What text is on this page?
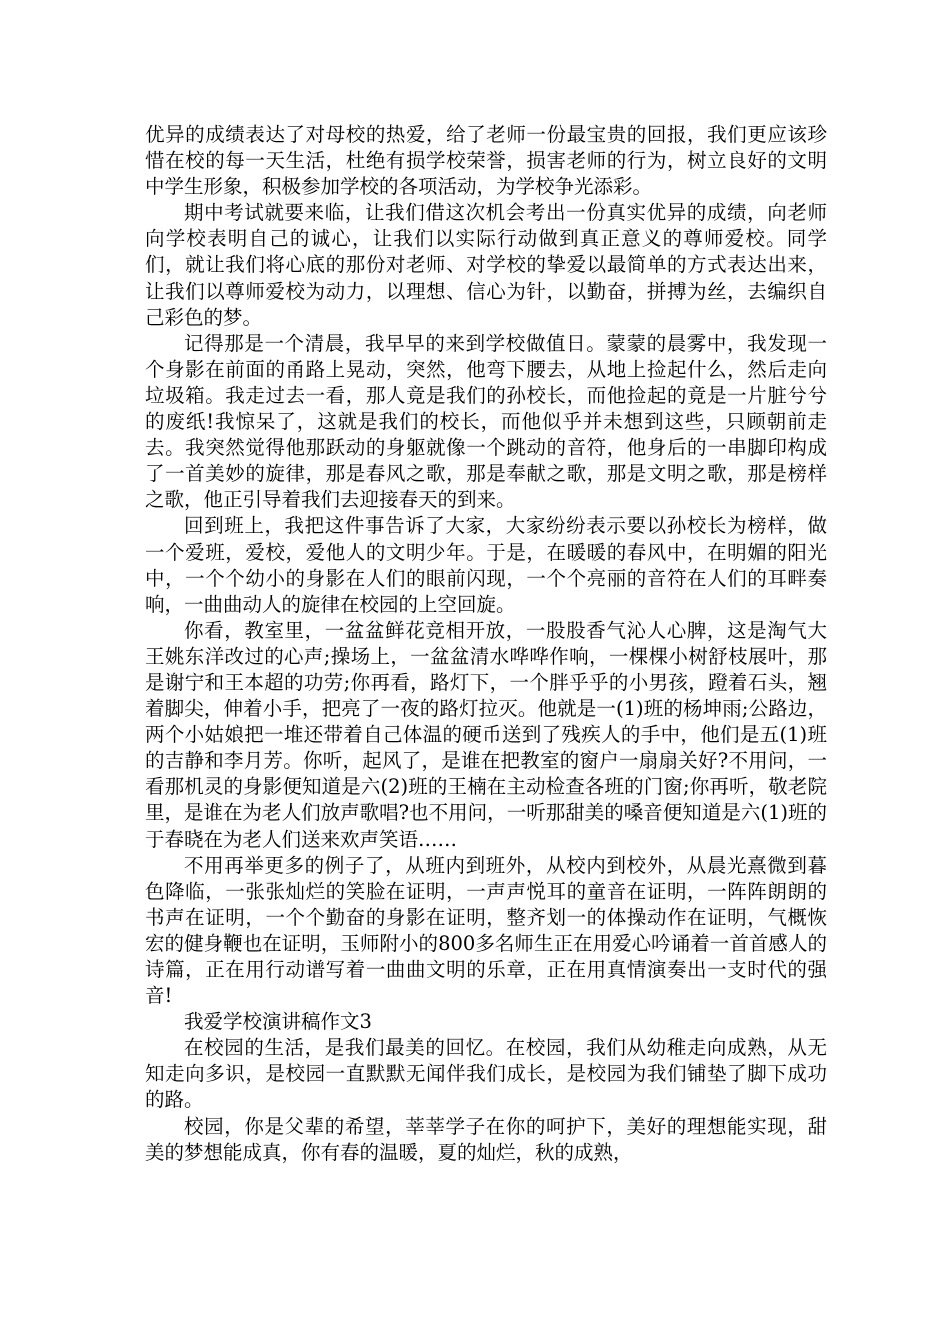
优异的成绩表达了对母校的热爱，给了老师一份最宝贵的回报，我们更应该珍惜在校的每一天生活，杜绝有损学校荣誉，损害老师的行为，树立良好的文明中学生形象，积极参加学校的各项活动，为学校争光添彩。

期中考试就要来临，让我们借这次机会考出一份真实优异的成绩，向老师向学校表明自己的诚心，让我们以实际行动做到真正意义的尊师爱校。同学们，就让我们将心底的那份对老师、对学校的挚爱以最简单的方式表达出来，让我们以尊师爱校为动力，以理想、信心为针，以勤奋，拼搏为丝，去编织自己彩色的梦。

记得那是一个清晨，我早早的来到学校做值日。蒙蒙的晨雾中，我发现一个身影在前面的甬路上晃动，突然，他弯下腰去，从地上捡起什么，然后走向垃圾箱。我走过去一看，那人竟是我们的孙校长，而他捡起的竟是一片脏兮兮的废纸!我惊呆了，这就是我们的校长，而他似乎并未想到这些，只顾朝前走去。我突然觉得他那跃动的身躯就像一个跳动的音符，他身后的一串脚印构成了一首美妙的旋律，那是春风之歌，那是奉献之歌，那是文明之歌，那是榜样之歌，他正引导着我们去迎接春天的到来。

回到班上，我把这件事告诉了大家，大家纷纷表示要以孙校长为榜样，做一个爱班，爱校，爱他人的文明少年。于是，在暖暖的春风中，在明媚的阳光中，一个个幼小的身影在人们的眼前闪现，一个个亮丽的音符在人们的耳畔奏响，一曲曲动人的旋律在校园的上空回旋。

你看，教室里，一盆盆鲜花竞相开放，一股股香气沁人心脾，这是淘气大王姚东洋改过的心声;操场上，一盆盆清水哗哗作响，一棵棵小树舒枝展叶，那是谢宁和王本超的功劳;你再看，路灯下，一个胖乎乎的小男孩，蹬着石头，翘着脚尖，伸着小手，把亮了一夜的路灯拉灭。他就是一(1)班的杨坤雨;公路边，两个小姑娘把一堆还带着自己体温的硬币送到了残疾人的手中，他们是五(1)班的吉静和李月芳。你听，起风了，是谁在把教室的窗户一扇扇关好?不用问，一看那机灵的身影便知道是六(2)班的王楠在主动检查各班的门窗;你再听，敬老院里，是谁在为老人们放声歌唱?也不用问，一听那甜美的嗓音便知道是六(1)班的于春晓在为老人们送来欢声笑语……

不用再举更多的例子了，从班内到班外，从校内到校外，从晨光熹微到暮色降临，一张张灿烂的笑脸在证明，一声声悦耳的童音在证明，一阵阵朗朗的书声在证明，一个个勤奋的身影在证明，整齐划一的体操动作在证明，气概恢宏的健身鞭也在证明，玉师附小的800多名师生正在用爱心吟诵着一首首感人的诗篇，正在用行动谱写着一曲曲文明的乐章，正在用真情演奏出一支时代的强音!

我爱学校演讲稿作文3

在校园的生活，是我们最美的回忆。在校园，我们从幼稚走向成熟，从无知走向多识，是校园一直默默无闻伴我们成长，是校园为我们铺垫了脚下成功的路。

校园，你是父辈的希望，莘莘学子在你的呵护下，美好的理想能实现，甜美的梦想能成真，你有春的温暖，夏的灿烂，秋的成熟，
